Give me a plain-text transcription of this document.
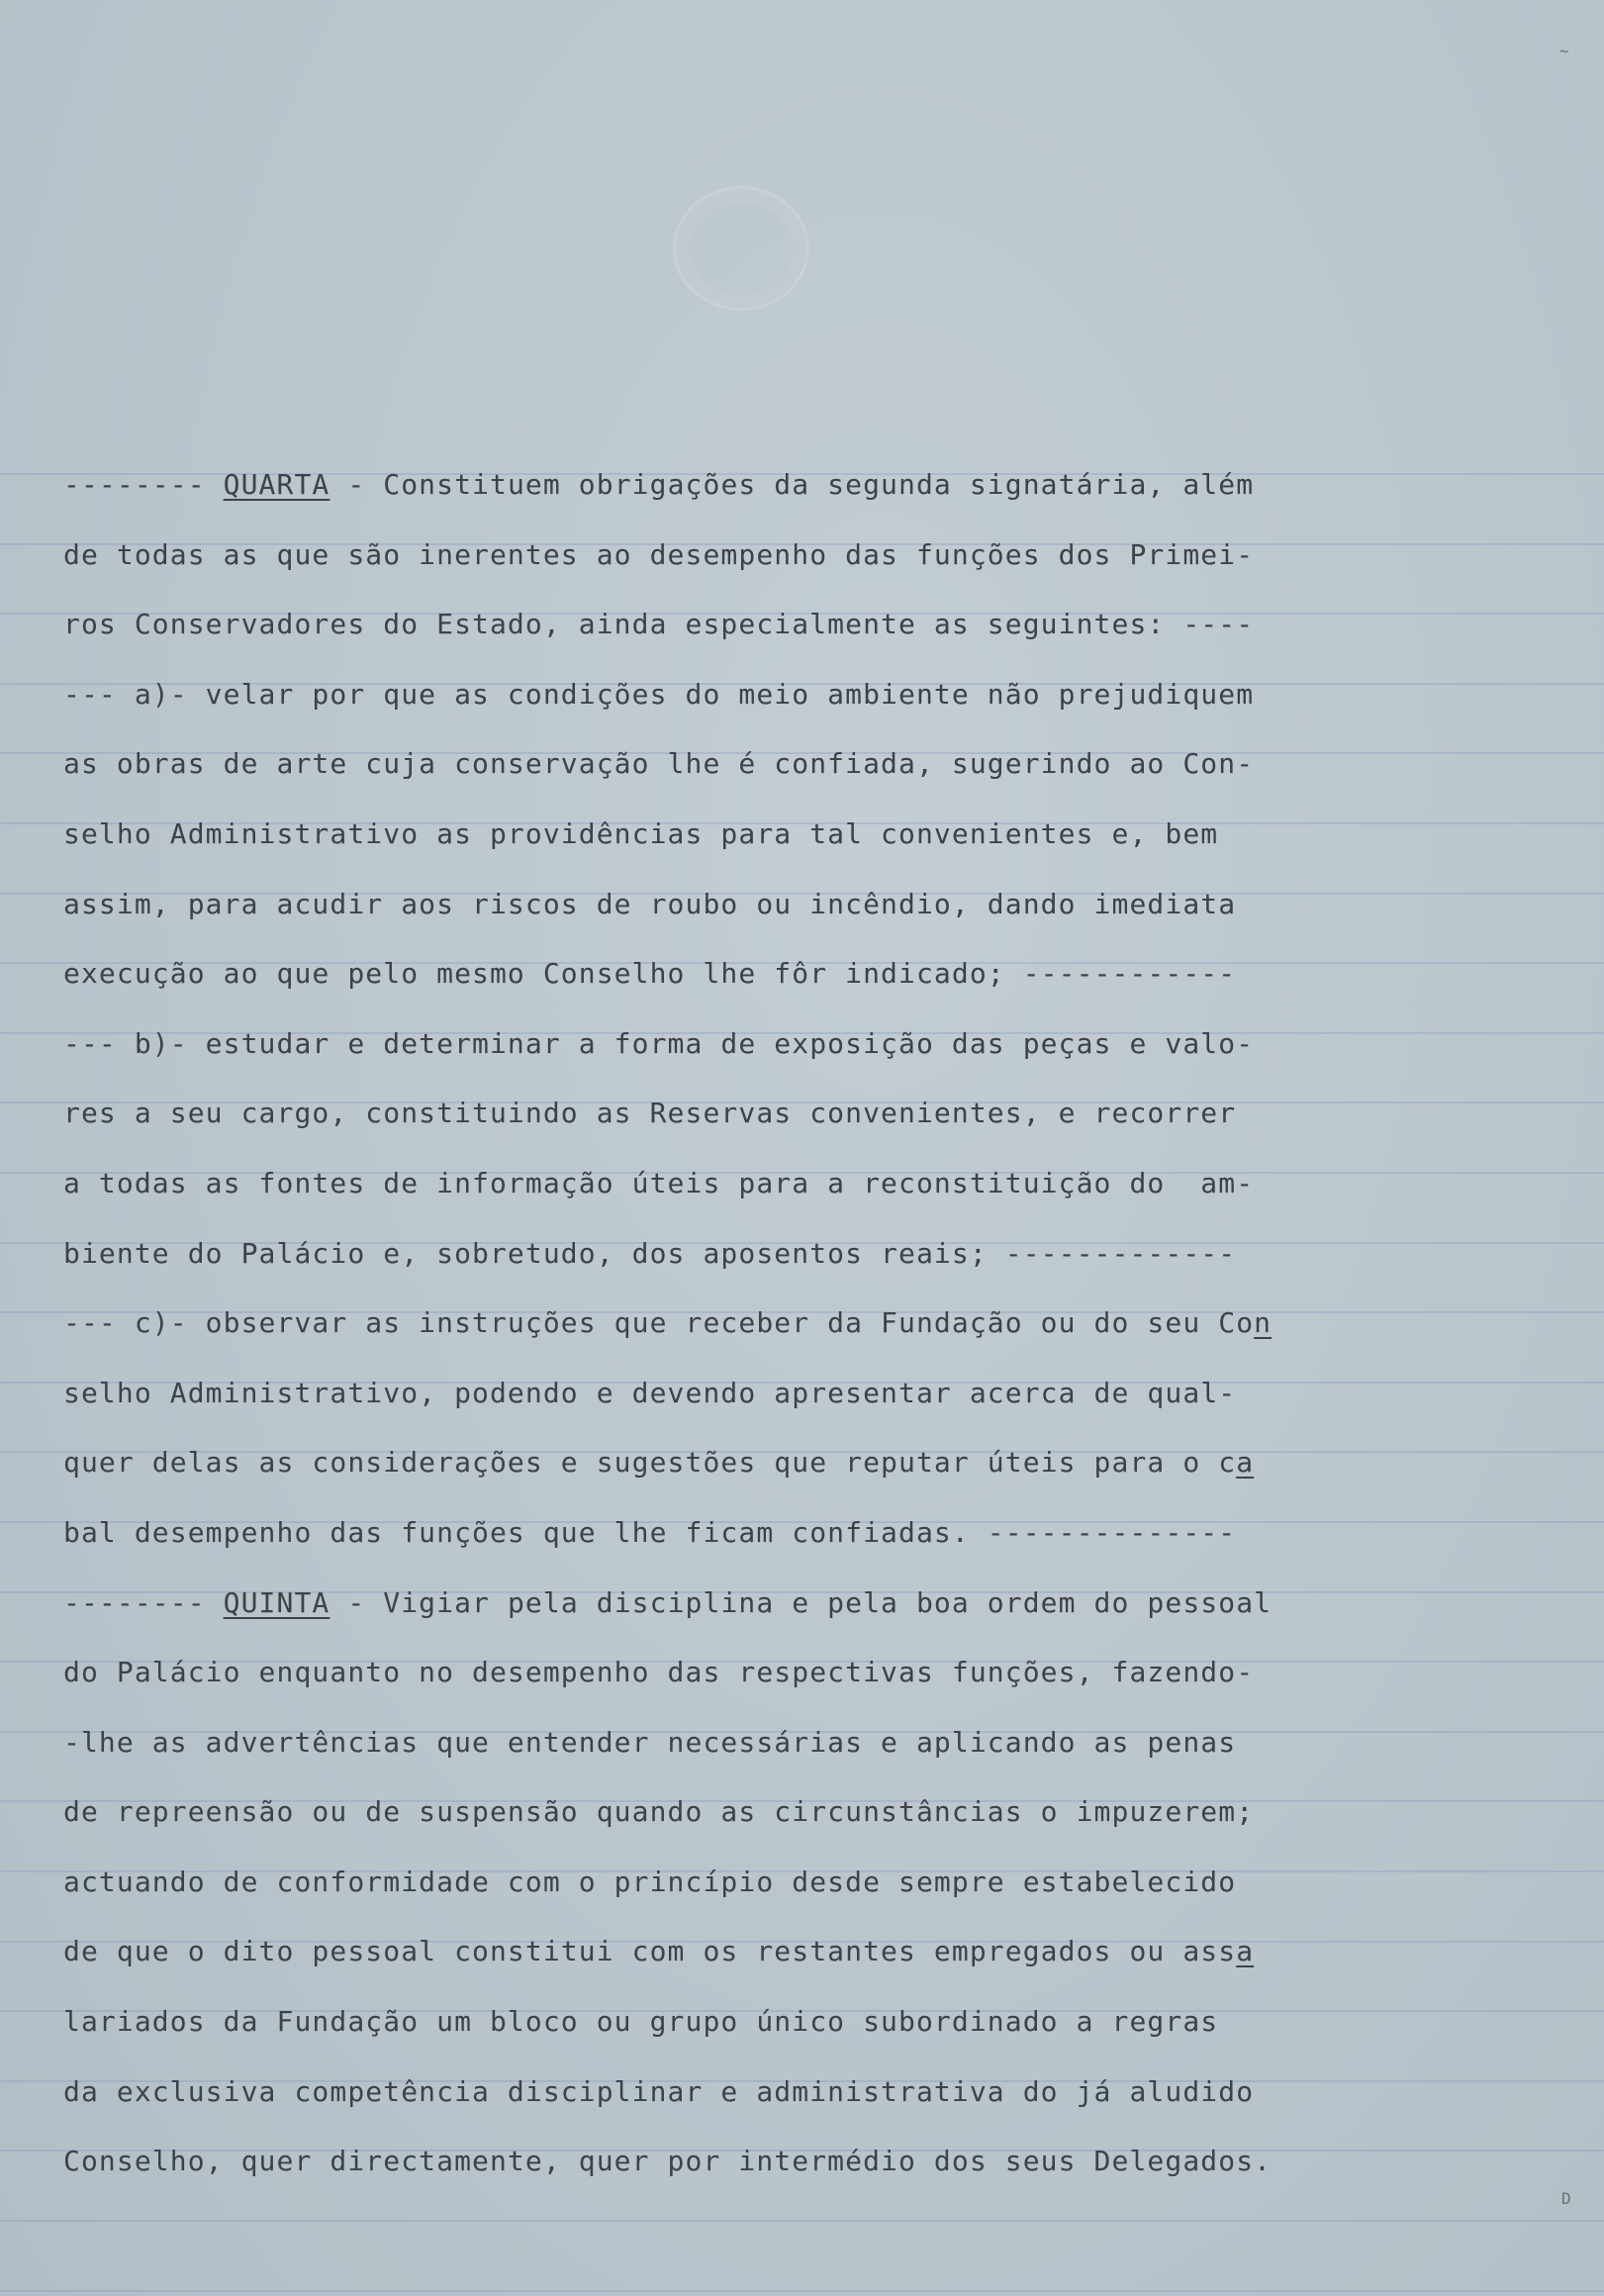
~
D
-------- QUARTA - Constituem obrigações da segunda signatária, além
de todas as que são inerentes ao desempenho das funções dos Primei-
ros Conservadores do Estado, ainda especialmente as seguintes: ----
--- a)- velar por que as condições do meio ambiente não prejudiquem
as obras de arte cuja conservação lhe é confiada, sugerindo ao Con-
selho Administrativo as providências para tal convenientes e, bem
assim, para acudir aos riscos de roubo ou incêndio, dando imediata
execução ao que pelo mesmo Conselho lhe fôr indicado; ------------
--- b)- estudar e determinar a forma de exposição das peças e valo-
res a seu cargo, constituindo as Reservas convenientes, e recorrer
a todas as fontes de informação úteis para a reconstituição do  am-
biente do Palácio e, sobretudo, dos aposentos reais; -------------
--- c)- observar as instruções que receber da Fundação ou do seu Con
selho Administrativo, podendo e devendo apresentar acerca de qual-
quer delas as considerações e sugestões que reputar úteis para o ca
bal desempenho das funções que lhe ficam confiadas. --------------
-------- QUINTA - Vigiar pela disciplina e pela boa ordem do pessoal
do Palácio enquanto no desempenho das respectivas funções, fazendo-
-lhe as advertências que entender necessárias e aplicando as penas
de repreensão ou de suspensão quando as circunstâncias o impuzerem;
actuando de conformidade com o princípio desde sempre estabelecido
de que o dito pessoal constitui com os restantes empregados ou assa
lariados da Fundação um bloco ou grupo único subordinado a regras
da exclusiva competência disciplinar e administrativa do já aludido
Conselho, quer directamente, quer por intermédio dos seus Delegados.
